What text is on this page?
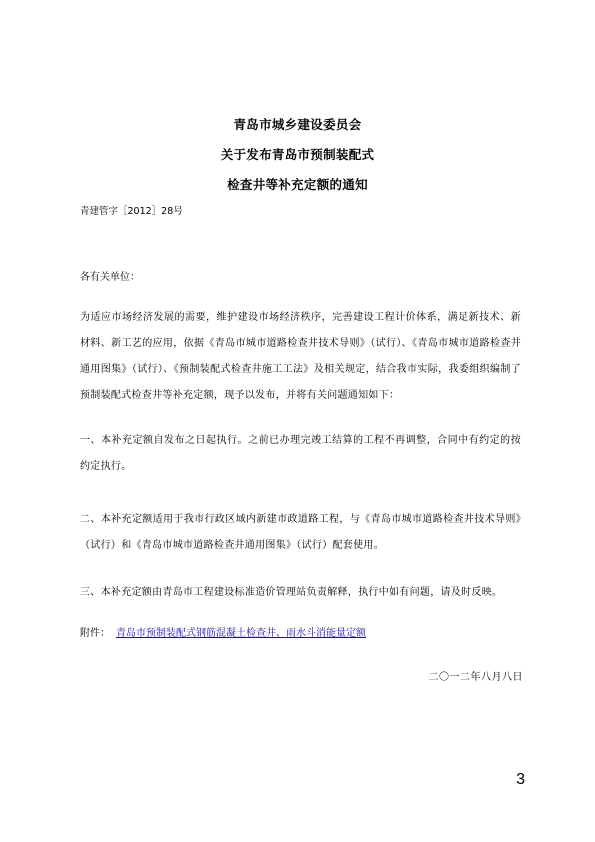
青岛市城乡建设委员会
关于发布青岛市预制装配式
检查井等补充定额的通知
青建管字［2012］28号
各有关单位：
为适应市场经济发展的需要，维护建设市场经济秩序，完善建设工程计价体系，满足新技术、新材料、新工艺的应用，依据《青岛市城市道路检查井技术导则》（试行）、《青岛市城市道路检查井通用图集》（试行）、《预制装配式检查井施工工法》及相关规定，结合我市实际，我委组织编制了预制装配式检查井等补充定额，现予以发布，并将有关问题通知如下：
一、本补充定额自发布之日起执行。之前已办理完竣工结算的工程不再调整，合同中有约定的按约定执行。
二、本补充定额适用于我市行政区域内新建市政道路工程，与《青岛市城市道路检查井技术导则》（试行）和《青岛市城市道路检查井通用图集》（试行）配套使用。
三、本补充定额由青岛市工程建设标准造价管理站负责解释，执行中如有问题，请及时反映。
附件： 青岛市预制装配式钢筋混凝土检查井、雨水斗消能量定额
二〇一二年八月八日
3
